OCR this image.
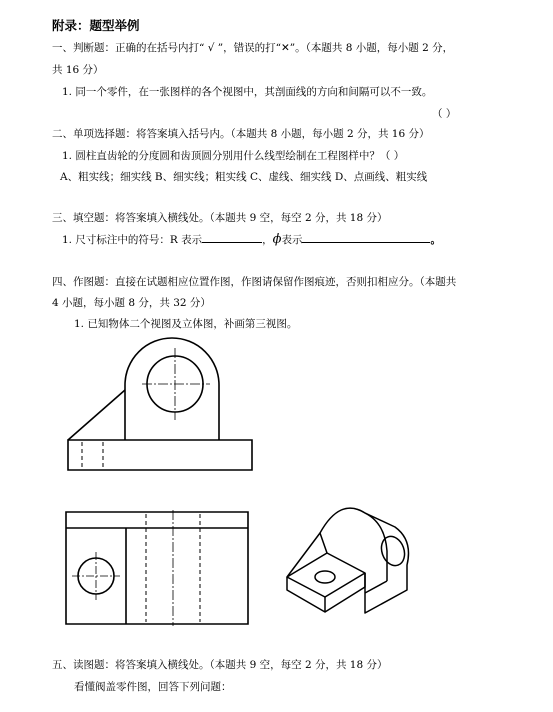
附录：题型举例
一、判断题：正确的在括号内打“ √ ”，错误的打“✕”。（本题共 8 小题，每小题 2 分，
共 16 分）
1. 同一个零件，在一张图样的各个视图中，其剖面线的方向和间隔可以不一致。
（ ）
二、单项选择题：将答案填入括号内。（本题共 8 小题，每小题 2 分，共 16 分）
1. 圆柱直齿轮的分度圆和齿顶圆分别用什么线型绘制在工程图样中？（ ）
A、粗实线；细实线 B、细实线；粗实线 C、虚线、细实线 D、点画线、粗实线
三、填空题：将答案填入横线处。（本题共 9 空，每空 2 分，共 18 分）
1. 尺寸标注中的符号：R 表示	，ϕ表示	。
四、作图题：直接在试题相应位置作图，作图请保留作图痕迹，否则扣相应分。（本题共
4 小题，每小题 8 分，共 32 分）
1. 已知物体二个视图及立体图，补画第三视图。
五、读图题：将答案填入横线处。（本题共 9 空，每空 2 分，共 18 分）
看懂阀盖零件图，回答下列问题：
